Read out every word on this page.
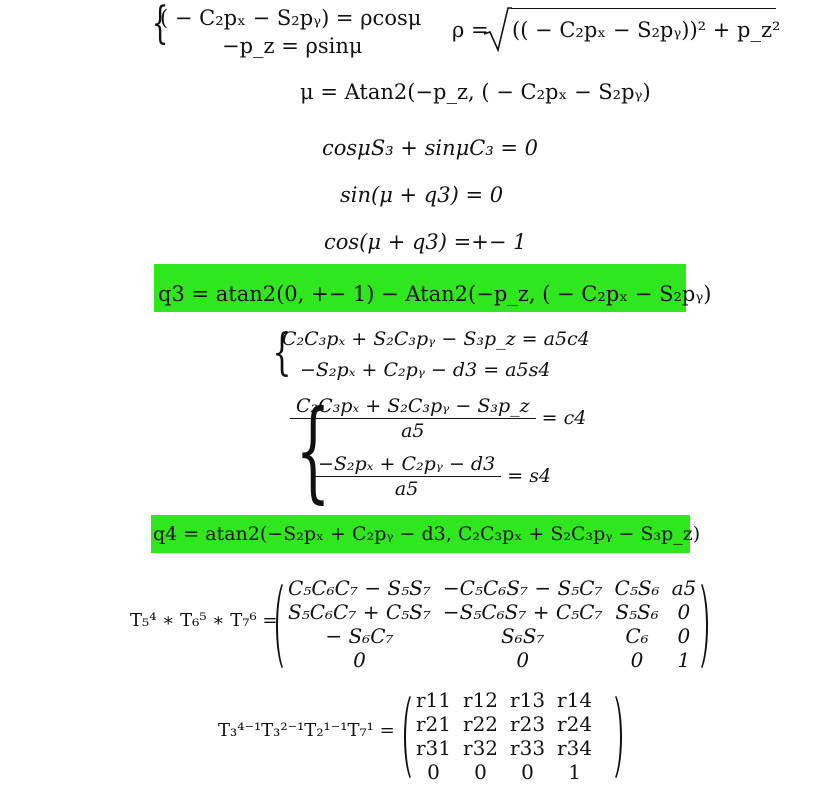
{
( − C₂pₓ − S₂pᵧ) = ρcosμ
−p_z = ρsinμ
ρ = (( − C₂pₓ − S₂pᵧ))² + p_z²
μ = Atan2(−p_z, ( − C₂pₓ − S₂pᵧ)
cosμS₃ + sinμC₃ = 0
sin(μ + q3) = 0
cos(μ + q3) =+− 1
q3 = atan2(0, +− 1) − Atan2(−p_z, ( − C₂pₓ − S₂pᵧ)
{
C₂C₃pₓ + S₂C₃pᵧ − S₃p_z = a5c4
−S₂pₓ + C₂pᵧ − d3 = a5s4
{
$\frac{\text{C₂C₃pₓ + S₂C₃pᵧ − S₃p\_z}}{a5} = c4$
$\frac{\text{−S₂pₓ + C₂pᵧ − d3}}{a5} = s4$
q4 = atan2(−S₂pₓ + C₂pᵧ − d3, C₂C₃pₓ + S₂C₃pᵧ − S₃p_z)
T₅⁴ ∗ T₆⁵ ∗ T₇⁶ =
C₅C₆C₇ − S₅S₇	−C₅C₆S₇ − S₅C₇	C₅S₆	a5
S₅C₆C₇ + C₅S₇	−S₅C₆S₇ + C₅C₇	S₅S₆	0
− S₆C₇	S₆S₇	C₆	0
0	0	0	1
T₃⁴⁻¹T₃²⁻¹T₂¹⁻¹T₇¹ =
r11	r12	r13	r14
r21	r22	r23	r24
r31	r32	r33	r34
0	0	0	1
